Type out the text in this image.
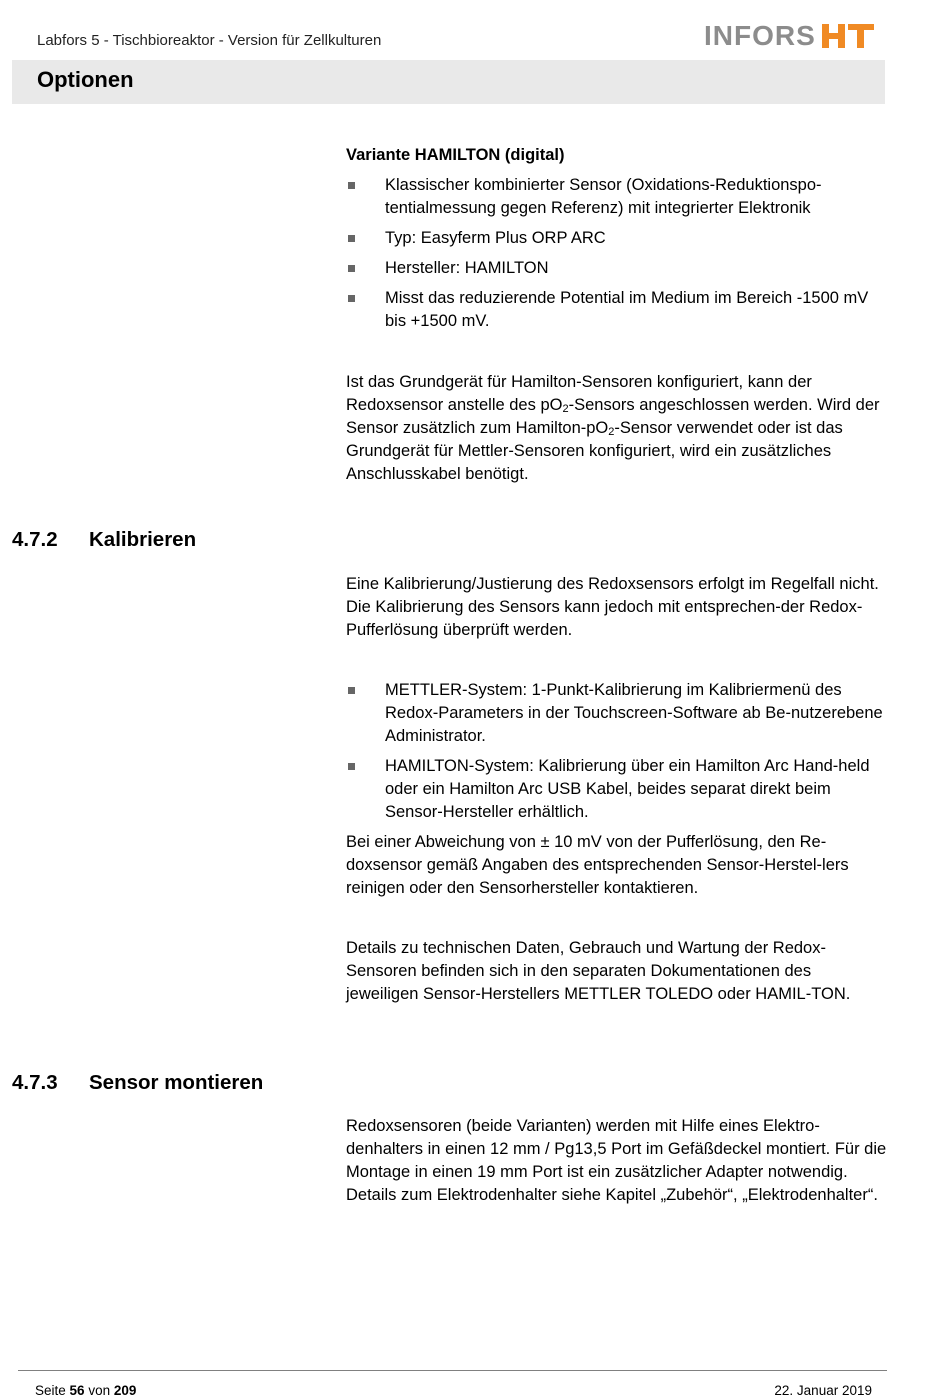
Labfors 5 - Tischbioreaktor - Version für Zellkulturen	INFORS
Optionen

Variante HAMILTON (digital)

Klassischer kombinierter Sensor (Oxidations-Reduktionspo-tentialmessung gegen Referenz) mit integrierter Elektronik

Typ: Easyferm Plus ORP ARC

Hersteller: HAMILTON

Misst das reduzierende Potential im Medium im Bereich -1500 mV bis +1500 mV.

Ist das Grundgerät für Hamilton-Sensoren konfiguriert, kann der Redoxsensor anstelle des $pO_2$-Sensors angeschlossen werden. Wird der Sensor zusätzlich zum Hamilton-$pO_2$-Sensor verwendet oder ist das Grundgerät für Mettler-Sensoren konfiguriert, wird ein zusätzliches Anschlusskabel benötigt.

4.7.2 Kalibrieren

Eine Kalibrierung/Justierung des Redoxsensors erfolgt im Regelfall nicht. Die Kalibrierung des Sensors kann jedoch mit entsprechen-der Redox-Pufferlösung überprüft werden.

METTLER-System: 1-Punkt-Kalibrierung im Kalibriermenü des Redox-Parameters in der Touchscreen-Software ab Be-nutzerebene Administrator.

HAMILTON-System: Kalibrierung über ein Hamilton Arc Hand-held oder ein Hamilton Arc USB Kabel, beides separat direkt beim Sensor-Hersteller erhältlich.

Bei einer Abweichung von ± 10 mV von der Pufferlösung, den Re-doxsensor gemäß Angaben des entsprechenden Sensor-Herstel-lers reinigen oder den Sensorhersteller kontaktieren.

Details zu technischen Daten, Gebrauch und Wartung der Redox-Sensoren befinden sich in den separaten Dokumentationen des jeweiligen Sensor-Herstellers METTLER TOLEDO oder HAMIL-TON.

4.7.3 Sensor montieren

Redoxsensoren (beide Varianten) werden mit Hilfe eines Elektro-denhalters in einen 12 mm / Pg13,5 Port im Gefäßdeckel montiert. Für die Montage in einen 19 mm Port ist ein zusätzlicher Adapter notwendig. Details zum Elektrodenhalter siehe Kapitel „Zubehör“, „Elektrodenhalter“.

Seite 56 von 209	22. Januar 2019
